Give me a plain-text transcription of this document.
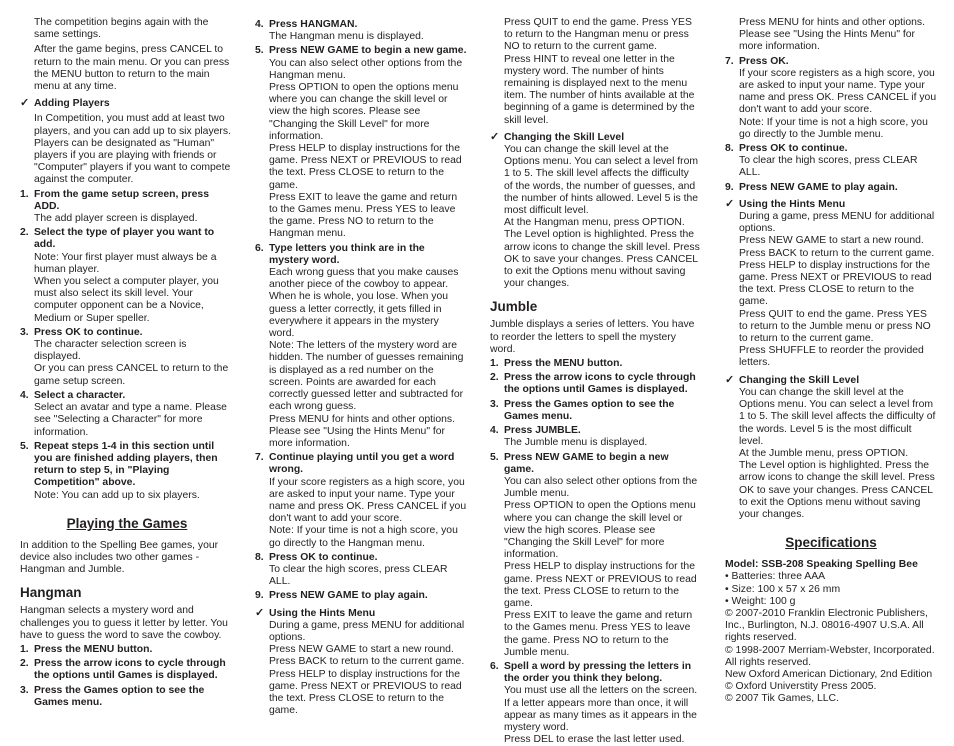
The competition begins again with the same settings.

After the game begins, press CANCEL to return to the main menu. Or you can press the MENU button to return to the main menu at any time.

✓ Adding Players

In Competition, you must add at least two players, and you can add up to six players. Players can be designated as "Human" players if you are playing with friends or "Computer" players if you want to compete against the computer.

1. From the game setup screen, press ADD.

The add player screen is displayed.

2. Select the type of player you want to add.

Note: Your first player must always be a human player.

When you select a computer player, you must also select its skill level. Your computer opponent can be a Novice, Medium or Super speller.

3. Press OK to continue.

The character selection screen is displayed.

Or you can press CANCEL to return to the game setup screen.

4. Select a character.

Select an avatar and type a name. Please see "Selecting a Character" for more information.

5. Repeat steps 1-4 in this section until you are finished adding players, then return to step 5, in "Playing Competition" above.

Note: You can add up to six players.

Playing the Games

In addition to the Spelling Bee games, your device also includes two other games - Hangman and Jumble.

Hangman

Hangman selects a mystery word and challenges you to guess it letter by letter. You have to guess the word to save the cowboy.

1. Press the MENU button.
2. Press the arrow icons to cycle through the options until Games is displayed.
3. Press the Games option to see the Games menu.
4. Press HANGMAN.

The Hangman menu is displayed.

5. Press NEW GAME to begin a new game.

You can also select other options from the Hangman menu.

Press OPTION to open the options menu where you can change the skill level or view the high scores. Please see "Changing the Skill Level" for more information.

Press HELP to display instructions for the game. Press NEXT or PREVIOUS to read the text. Press CLOSE to return to the game.

Press EXIT to leave the game and return to the Games menu. Press YES to leave the game. Press NO to return to the Hangman menu.

6. Type letters you think are in the mystery word.

Each wrong guess that you make causes another piece of the cowboy to appear. When he is whole, you lose. When you guess a letter correctly, it gets filled in everywhere it appears in the mystery word.

Note: The letters of the mystery word are hidden. The number of guesses remaining is displayed as a red number on the screen. Points are awarded for each correctly guessed letter and subtracted for each wrong guess.

Press MENU for hints and other options. Please see "Using the Hints Menu" for more information.

7. Continue playing until you get a word wrong.

If your score registers as a high score, you are asked to input your name. Type your name and press OK. Press CANCEL if you don't want to add your score.

Note: If your time is not a high score, you go directly to the Hangman menu.

8. Press OK to continue.

To clear the high scores, press CLEAR ALL.

9. Press NEW GAME to play again.
✓ Using the Hints Menu

During a game, press MENU for additional options.

Press NEW GAME to start a new round.

Press BACK to return to the current game.

Press HELP to display instructions for the game. Press NEXT or PREVIOUS to read the text. Press CLOSE to return to the game.

Press QUIT to end the game. Press YES to return to the Hangman menu or press NO to return to the current game.

Press HINT to reveal one letter in the mystery word. The number of hints remaining is displayed next to the menu item. The number of hints available at the beginning of a game is determined by the skill level.

✓ Changing the Skill Level

You can change the skill level at the Options menu. You can select a level from 1 to 5. The skill level affects the difficulty of the words, the number of guesses, and the number of hints allowed. Level 5 is the most difficult level.

At the Hangman menu, press OPTION.

The Level option is highlighted. Press the arrow icons to change the skill level. Press OK to save your changes. Press CANCEL to exit the Options menu without saving your changes.

Jumble

Jumble displays a series of letters. You have to reorder the letters to spell the mystery word.

1. Press the MENU button.
2. Press the arrow icons to cycle through the options until Games is displayed.
3. Press the Games option to see the Games menu.
4. Press JUMBLE.

The Jumble menu is displayed.

5. Press NEW GAME to begin a new game.

You can also select other options from the Jumble menu.

Press OPTION to open the Options menu where you can change the skill level or view the high scores. Please see "Changing the Skill Level" for more information.

Press HELP to display instructions for the game. Press NEXT or PREVIOUS to read the text. Press CLOSE to return to the game.

Press EXIT to leave the game and return to the Games menu. Press YES to leave the game. Press NO to return to the Jumble menu.

6. Spell a word by pressing the letters in the order you think they belong.

You must use all the letters on the screen. If a letter appears more than once, it will appear as many times as it appears in the mystery word.

Press DEL to erase the last letter used.

Press MENU for hints and other options. Please see "Using the Hints Menu" for more information.

7. Press OK.

If your score registers as a high score, you are asked to input your name. Type your name and press OK. Press CANCEL if you don't want to add your score.

Note: If your time is not a high score, you go directly to the Jumble menu.

8. Press OK to continue.

To clear the high scores, press CLEAR ALL.

9. Press NEW GAME to play again.
✓ Using the Hints Menu

During a game, press MENU for additional options.

Press NEW GAME to start a new round.

Press BACK to return to the current game.

Press HELP to display instructions for the game. Press NEXT or PREVIOUS to read the text. Press CLOSE to return to the game.

Press QUIT to end the game. Press YES to return to the Jumble menu or press NO to return to the current game.

Press SHUFFLE to reorder the provided letters.

✓ Changing the Skill Level

You can change the skill level at the Options menu. You can select a level from 1 to 5. The skill level affects the difficulty of the words. Level 5 is the most difficult level.

At the Jumble menu, press OPTION.

The Level option is highlighted. Press the arrow icons to change the skill level. Press OK to save your changes. Press CANCEL to exit the Options menu without saving your changes.

Specifications

Model: SSB-208 Speaking Spelling Bee

• Batteries: three AAA

• Size: 100 x 57 x 26 mm

• Weight: 100 g

© 2007-2010 Franklin Electronic Publishers, Inc., Burlington, N.J. 08016-4907 U.S.A. All rights reserved.

© 1998-2007 Merriam-Webster, Incorporated. All rights reserved.

New Oxford American Dictionary, 2nd Edition © Oxford Universtity Press 2005.

© 2007 Tik Games, LLC.
